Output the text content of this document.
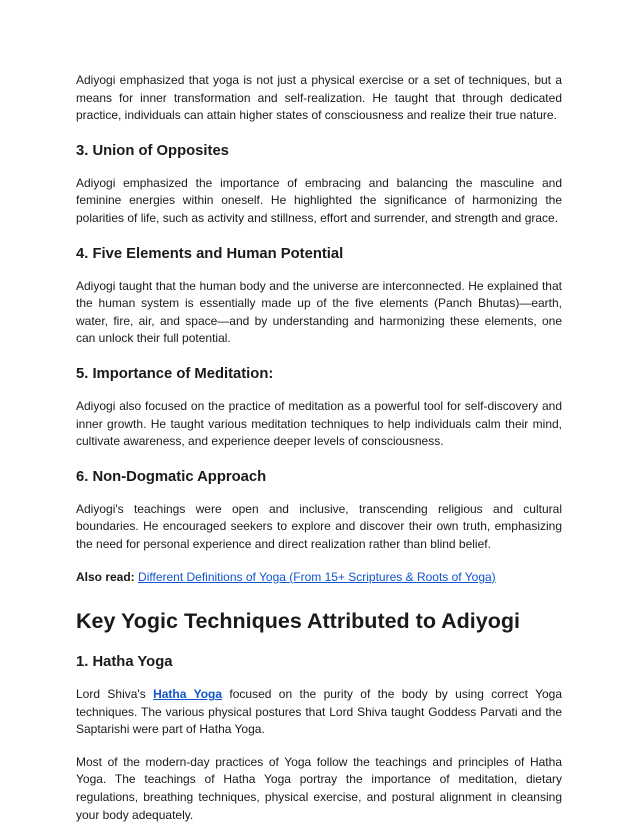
Adiyogi emphasized that yoga is not just a physical exercise or a set of techniques, but a means for inner transformation and self-realization. He taught that through dedicated practice, individuals can attain higher states of consciousness and realize their true nature.

3. Union of Opposites

Adiyogi emphasized the importance of embracing and balancing the masculine and feminine energies within oneself. He highlighted the significance of harmonizing the polarities of life, such as activity and stillness, effort and surrender, and strength and grace.

4. Five Elements and Human Potential

Adiyogi taught that the human body and the universe are interconnected. He explained that the human system is essentially made up of the five elements (Panch Bhutas)—earth, water, fire, air, and space—and by understanding and harmonizing these elements, one can unlock their full potential.

5. Importance of Meditation:

Adiyogi also focused on the practice of meditation as a powerful tool for self-discovery and inner growth. He taught various meditation techniques to help individuals calm their mind, cultivate awareness, and experience deeper levels of consciousness.

6. Non-Dogmatic Approach

Adiyogi's teachings were open and inclusive, transcending religious and cultural boundaries. He encouraged seekers to explore and discover their own truth, emphasizing the need for personal experience and direct realization rather than blind belief.

Also read: Different Definitions of Yoga (From 15+ Scriptures & Roots of Yoga)

Key Yogic Techniques Attributed to Adiyogi
1. Hatha Yoga

Lord Shiva's Hatha Yoga focused on the purity of the body by using correct Yoga techniques. The various physical postures that Lord Shiva taught Goddess Parvati and the Saptarishi were part of Hatha Yoga.

Most of the modern-day practices of Yoga follow the teachings and principles of Hatha Yoga. The teachings of Hatha Yoga portray the importance of meditation, dietary regulations, breathing techniques, physical exercise, and postural alignment in cleansing your body adequately.
